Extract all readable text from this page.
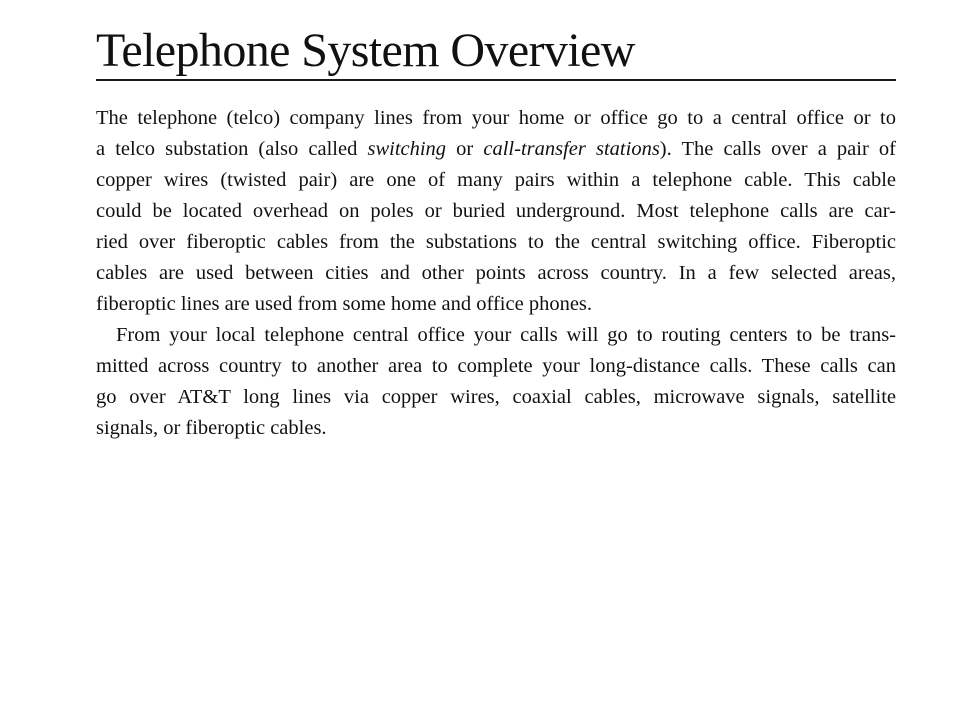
Telephone System Overview
The telephone (telco) company lines from your home or office go to a central office or to
a telco substation (also called switching or call-transfer stations). The calls over a pair of
copper wires (twisted pair) are one of many pairs within a telephone cable. This cable
could be located overhead on poles or buried underground. Most telephone calls are car-
ried over fiberoptic cables from the substations to the central switching office. Fiberoptic
cables are used between cities and other points across country. In a few selected areas,
fiberoptic lines are used from some home and office phones.
From your local telephone central office your calls will go to routing centers to be trans-
mitted across country to another area to complete your long-distance calls. These calls can
go over AT&T long lines via copper wires, coaxial cables, microwave signals, satellite
signals, or fiberoptic cables.
